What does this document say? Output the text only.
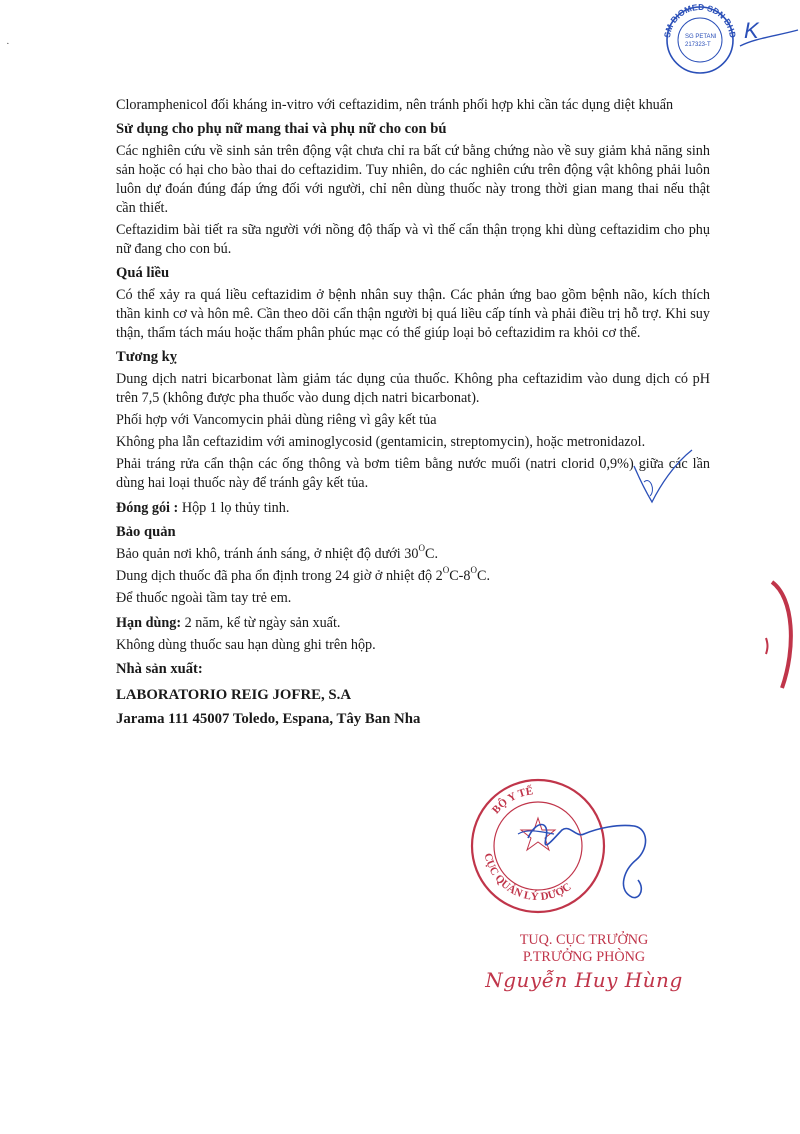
·
SM BIOMED SDN BHD
SG PETANI
217323-T
K

Cloramphenicol đối kháng in-vitro với ceftazidim, nên tránh phối hợp khi cần tác dụng diệt khuẩn

Sử dụng cho phụ nữ mang thai và phụ nữ cho con bú

Các nghiên cứu về sinh sản trên động vật chưa chỉ ra bất cứ bằng chứng nào về suy giảm khả năng sinh sản hoặc có hại cho bào thai do ceftazidim. Tuy nhiên, do các nghiên cứu trên động vật không phải luôn luôn dự đoán đúng đáp ứng đối với người, chỉ nên dùng thuốc này trong thời gian mang thai nếu thật cần thiết.

Ceftazidim bài tiết ra sữa người với nồng độ thấp và vì thế cẩn thận trọng khi dùng ceftazidim cho phụ nữ đang cho con bú.

Quá liều

Có thể xảy ra quá liều ceftazidim ở bệnh nhân suy thận. Các phản ứng bao gồm bệnh não, kích thích thần kinh cơ và hôn mê. Cần theo dõi cẩn thận người bị quá liều cấp tính và phải điều trị hỗ trợ. Khi suy thận, thẩm tách máu hoặc thẩm phân phúc mạc có thể giúp loại bỏ ceftazidim ra khỏi cơ thể.

Tương kỵ

Dung dịch natri bicarbonat làm giảm tác dụng của thuốc. Không pha ceftazidim vào dung dịch có pH trên 7,5 (không được pha thuốc vào dung dịch natri bicarbonat).

Phối hợp với Vancomycin phải dùng riêng vì gây kết tủa

Không pha lẫn ceftazidim với aminoglycosid (gentamicin, streptomycin), hoặc metronidazol.

Phải tráng rửa cẩn thận các ống thông và bơm tiêm bằng nước muối (natri clorid 0,9%) giữa các lần dùng hai loại thuốc này để tránh gây kết tủa.

Đóng gói : Hộp 1 lọ thủy tinh.

Bảo quản

Bảo quản nơi khô, tránh ánh sáng, ở nhiệt độ dưới $30^OC$.

Dung dịch thuốc đã pha ổn định trong 24 giờ ở nhiệt độ $2^OC-8^OC$.

Để thuốc ngoài tầm tay trẻ em.

Hạn dùng: 2 năm, kể từ ngày sản xuất.

Không dùng thuốc sau hạn dùng ghi trên hộp.

Nhà sản xuất:
LABORATORIO REIG JOFRE, S.A
Jarama 111 45007 Toledo, Espana, Tây Ban Nha
BỘ Y TẾ
CỤC QUẢN LÝ DƯỢC
TUQ. CỤC TRƯỞNG
P.TRƯỞNG PHÒNG
Nguyễn Huy Hùng
